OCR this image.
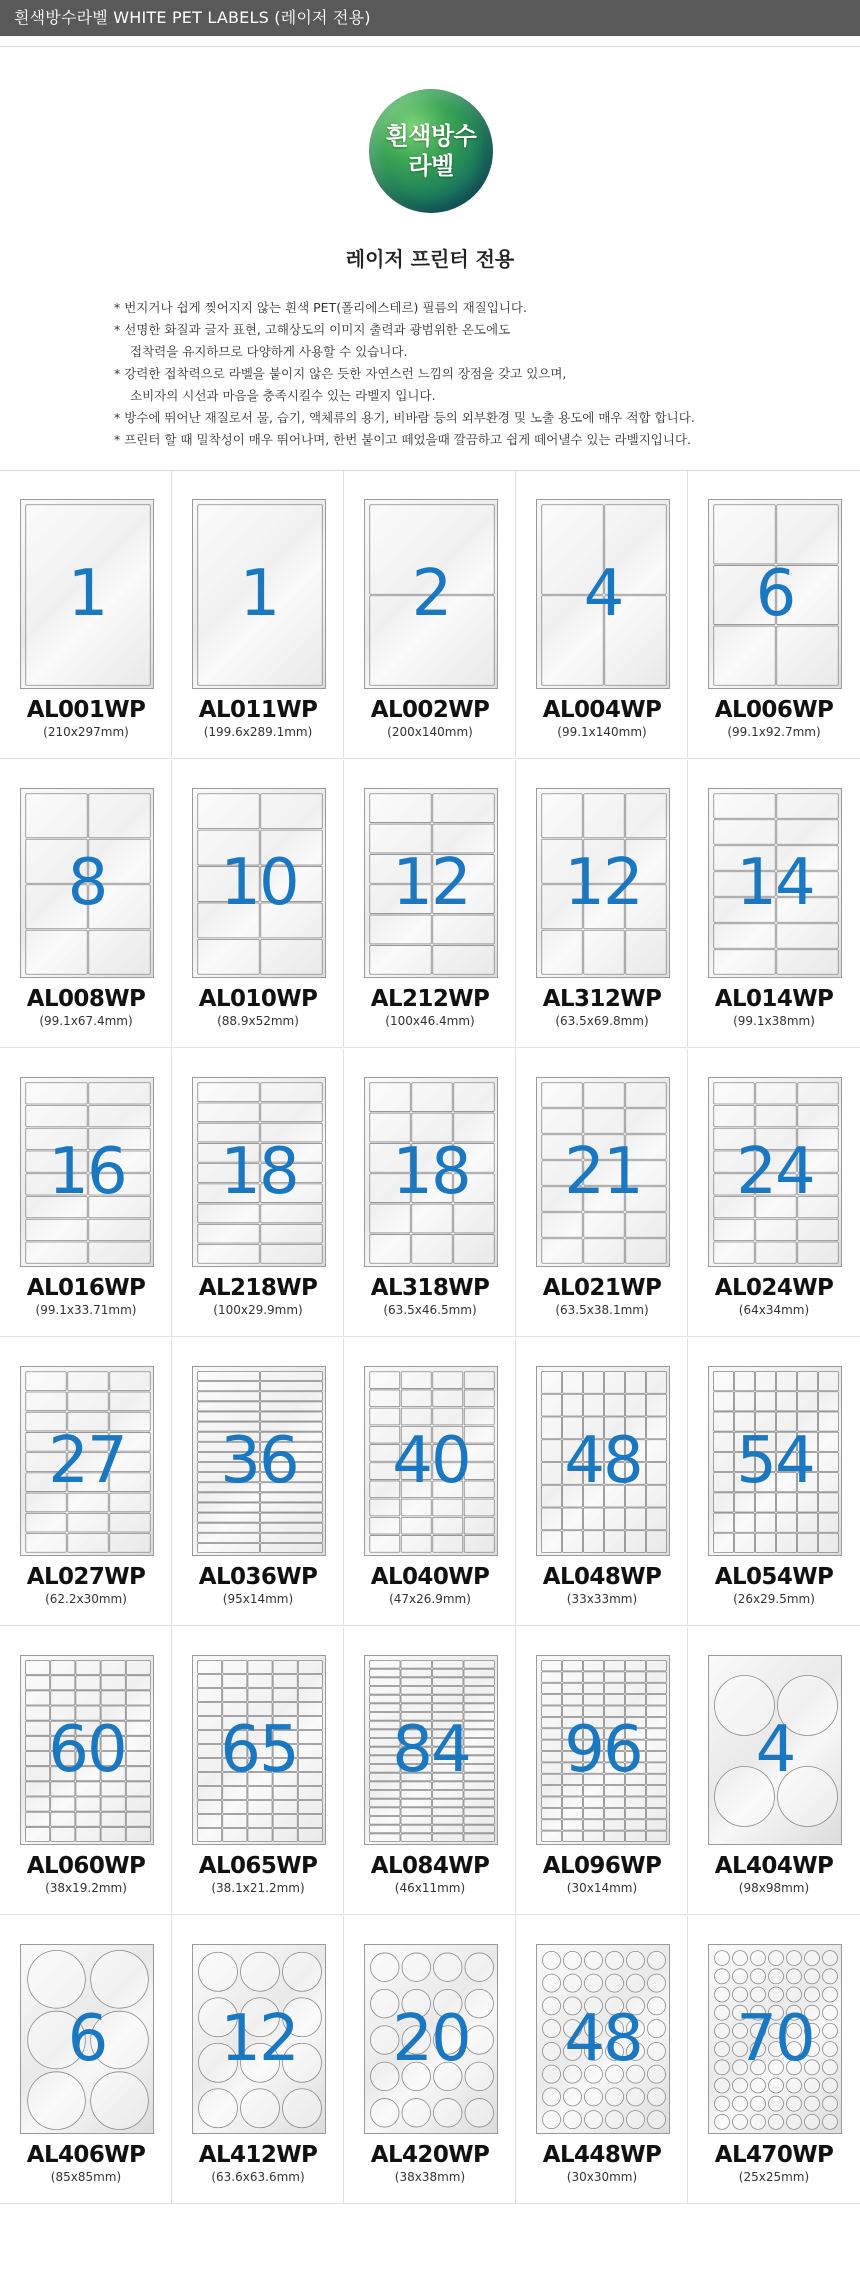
흰색방수라벨 WHITE PET LABELS (레이저 전용)
흰색방수
라벨
레이저 프린터 전용
* 번지거나 쉽게 찢어지지 않는 흰색 PET(폴리에스테르) 필름의 재질입니다.
* 선명한 화질과 글자 표현, 고해상도의 이미지 출력과 광범위한 온도에도
접착력을 유지하므로 다양하게 사용할 수 있습니다.
* 강력한 접착력으로 라벨을 붙이지 않은 듯한 자연스런 느낌의 장점을 갖고 있으며,
소비자의 시선과 마음을 충족시킬수 있는 라벨지 입니다.
* 방수에 뛰어난 재질로서 물, 습기, 액체류의 용기, 비바람 등의 외부환경 및 노출 용도에 매우 적합 합니다.
* 프린터 할 때 밀착성이 매우 뛰어나며, 한번 붙이고 떼었을때 깔끔하고 쉽게 떼어낼수 있는 라벨지입니다.
1
AL001WP
(210x297mm)
1
AL011WP
(199.6x289.1mm)
2
AL002WP
(200x140mm)
4
AL004WP
(99.1x140mm)
6
AL006WP
(99.1x92.7mm)
8
AL008WP
(99.1x67.4mm)
10
AL010WP
(88.9x52mm)
12
AL212WP
(100x46.4mm)
12
AL312WP
(63.5x69.8mm)
14
AL014WP
(99.1x38mm)
16
AL016WP
(99.1x33.71mm)
18
AL218WP
(100x29.9mm)
18
AL318WP
(63.5x46.5mm)
21
AL021WP
(63.5x38.1mm)
24
AL024WP
(64x34mm)
27
AL027WP
(62.2x30mm)
36
AL036WP
(95x14mm)
40
AL040WP
(47x26.9mm)
48
AL048WP
(33x33mm)
54
AL054WP
(26x29.5mm)
60
AL060WP
(38x19.2mm)
65
AL065WP
(38.1x21.2mm)
84
AL084WP
(46x11mm)
96
AL096WP
(30x14mm)
4
AL404WP
(98x98mm)
6
AL406WP
(85x85mm)
12
AL412WP
(63.6x63.6mm)
20
AL420WP
(38x38mm)
48
AL448WP
(30x30mm)
70
AL470WP
(25x25mm)
